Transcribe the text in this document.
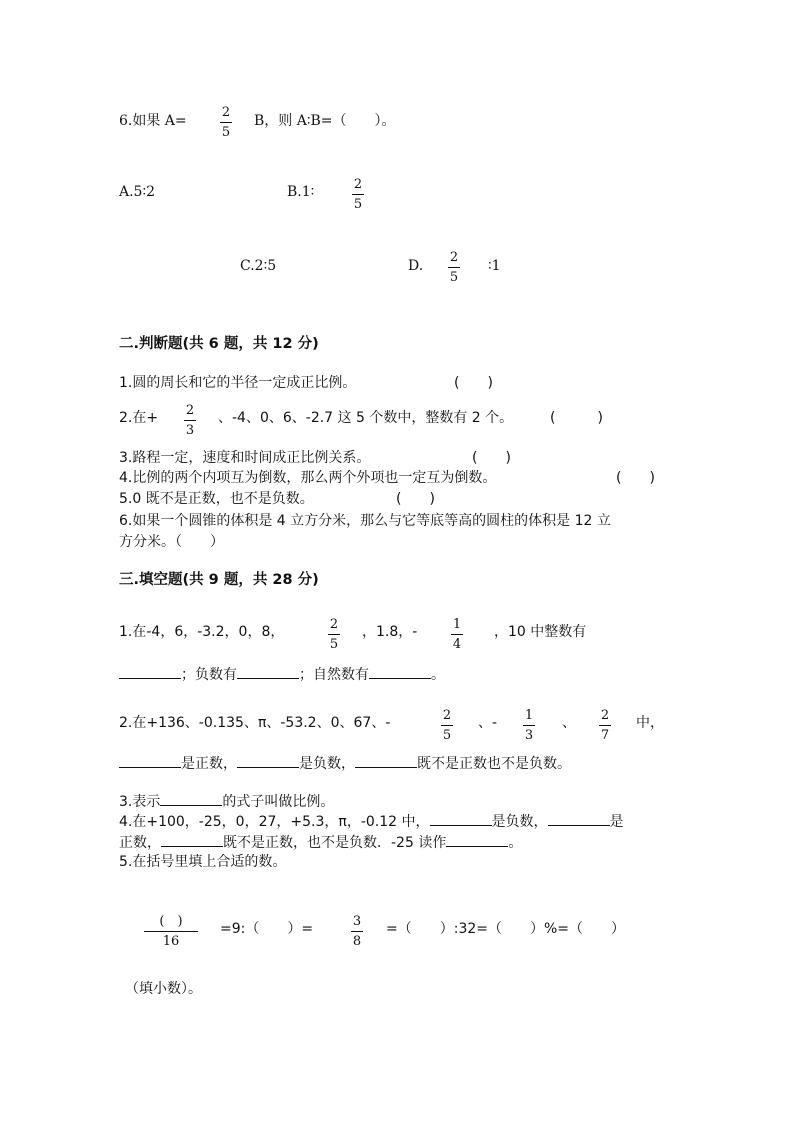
6.如果 A=
2
5
B，则 A∶B=（　　）。
A.5∶2	B.1∶	2
5
C.2∶5	D.
2
5
∶1
二.判断题(共 6 题，共 12 分)
1.圆的周长和它的半径一定成正比例。	(　　)
2.在+ 2
3
、-4、0、6、-2.7 这 5 个数中，整数有 2 个。	(　　　)
3.路程一定，速度和时间成正比例关系。	(　　)
4.比例的两个内项互为倒数，那么两个外项也一定互为倒数。	(　　)
5.0 既不是正数，也不是负数。	(　　)
6.如果一个圆锥的体积是 4 立方分米，那么与它等底等高的圆柱的体积是 12 立
方分米。（　　）
三.填空题(共 9 题，共 28 分)
1.在-4，6，-3.2，0，8，	2
5
，1.8，-	1
4
，10 中整数有
；负数有	；自然数有	。
2.在+136、-0.135、π、-53.2、0、67、-	2
5
、- 1
3
、 2
7
中，
是正数，	是负数，	既不是正数也不是负数。
3.表示	的式子叫做比例。
4.在+100，-25，0，27，+5.3，π，-0.12 中，	是负数，	是
正数，	既不是正数，也不是负数．-25 读作	。
5.在括号里填上合适的数。
(　)
16
=9:（　　）=	3
8
=（　　）:32=（　　）%=（　　）
（填小数）。
